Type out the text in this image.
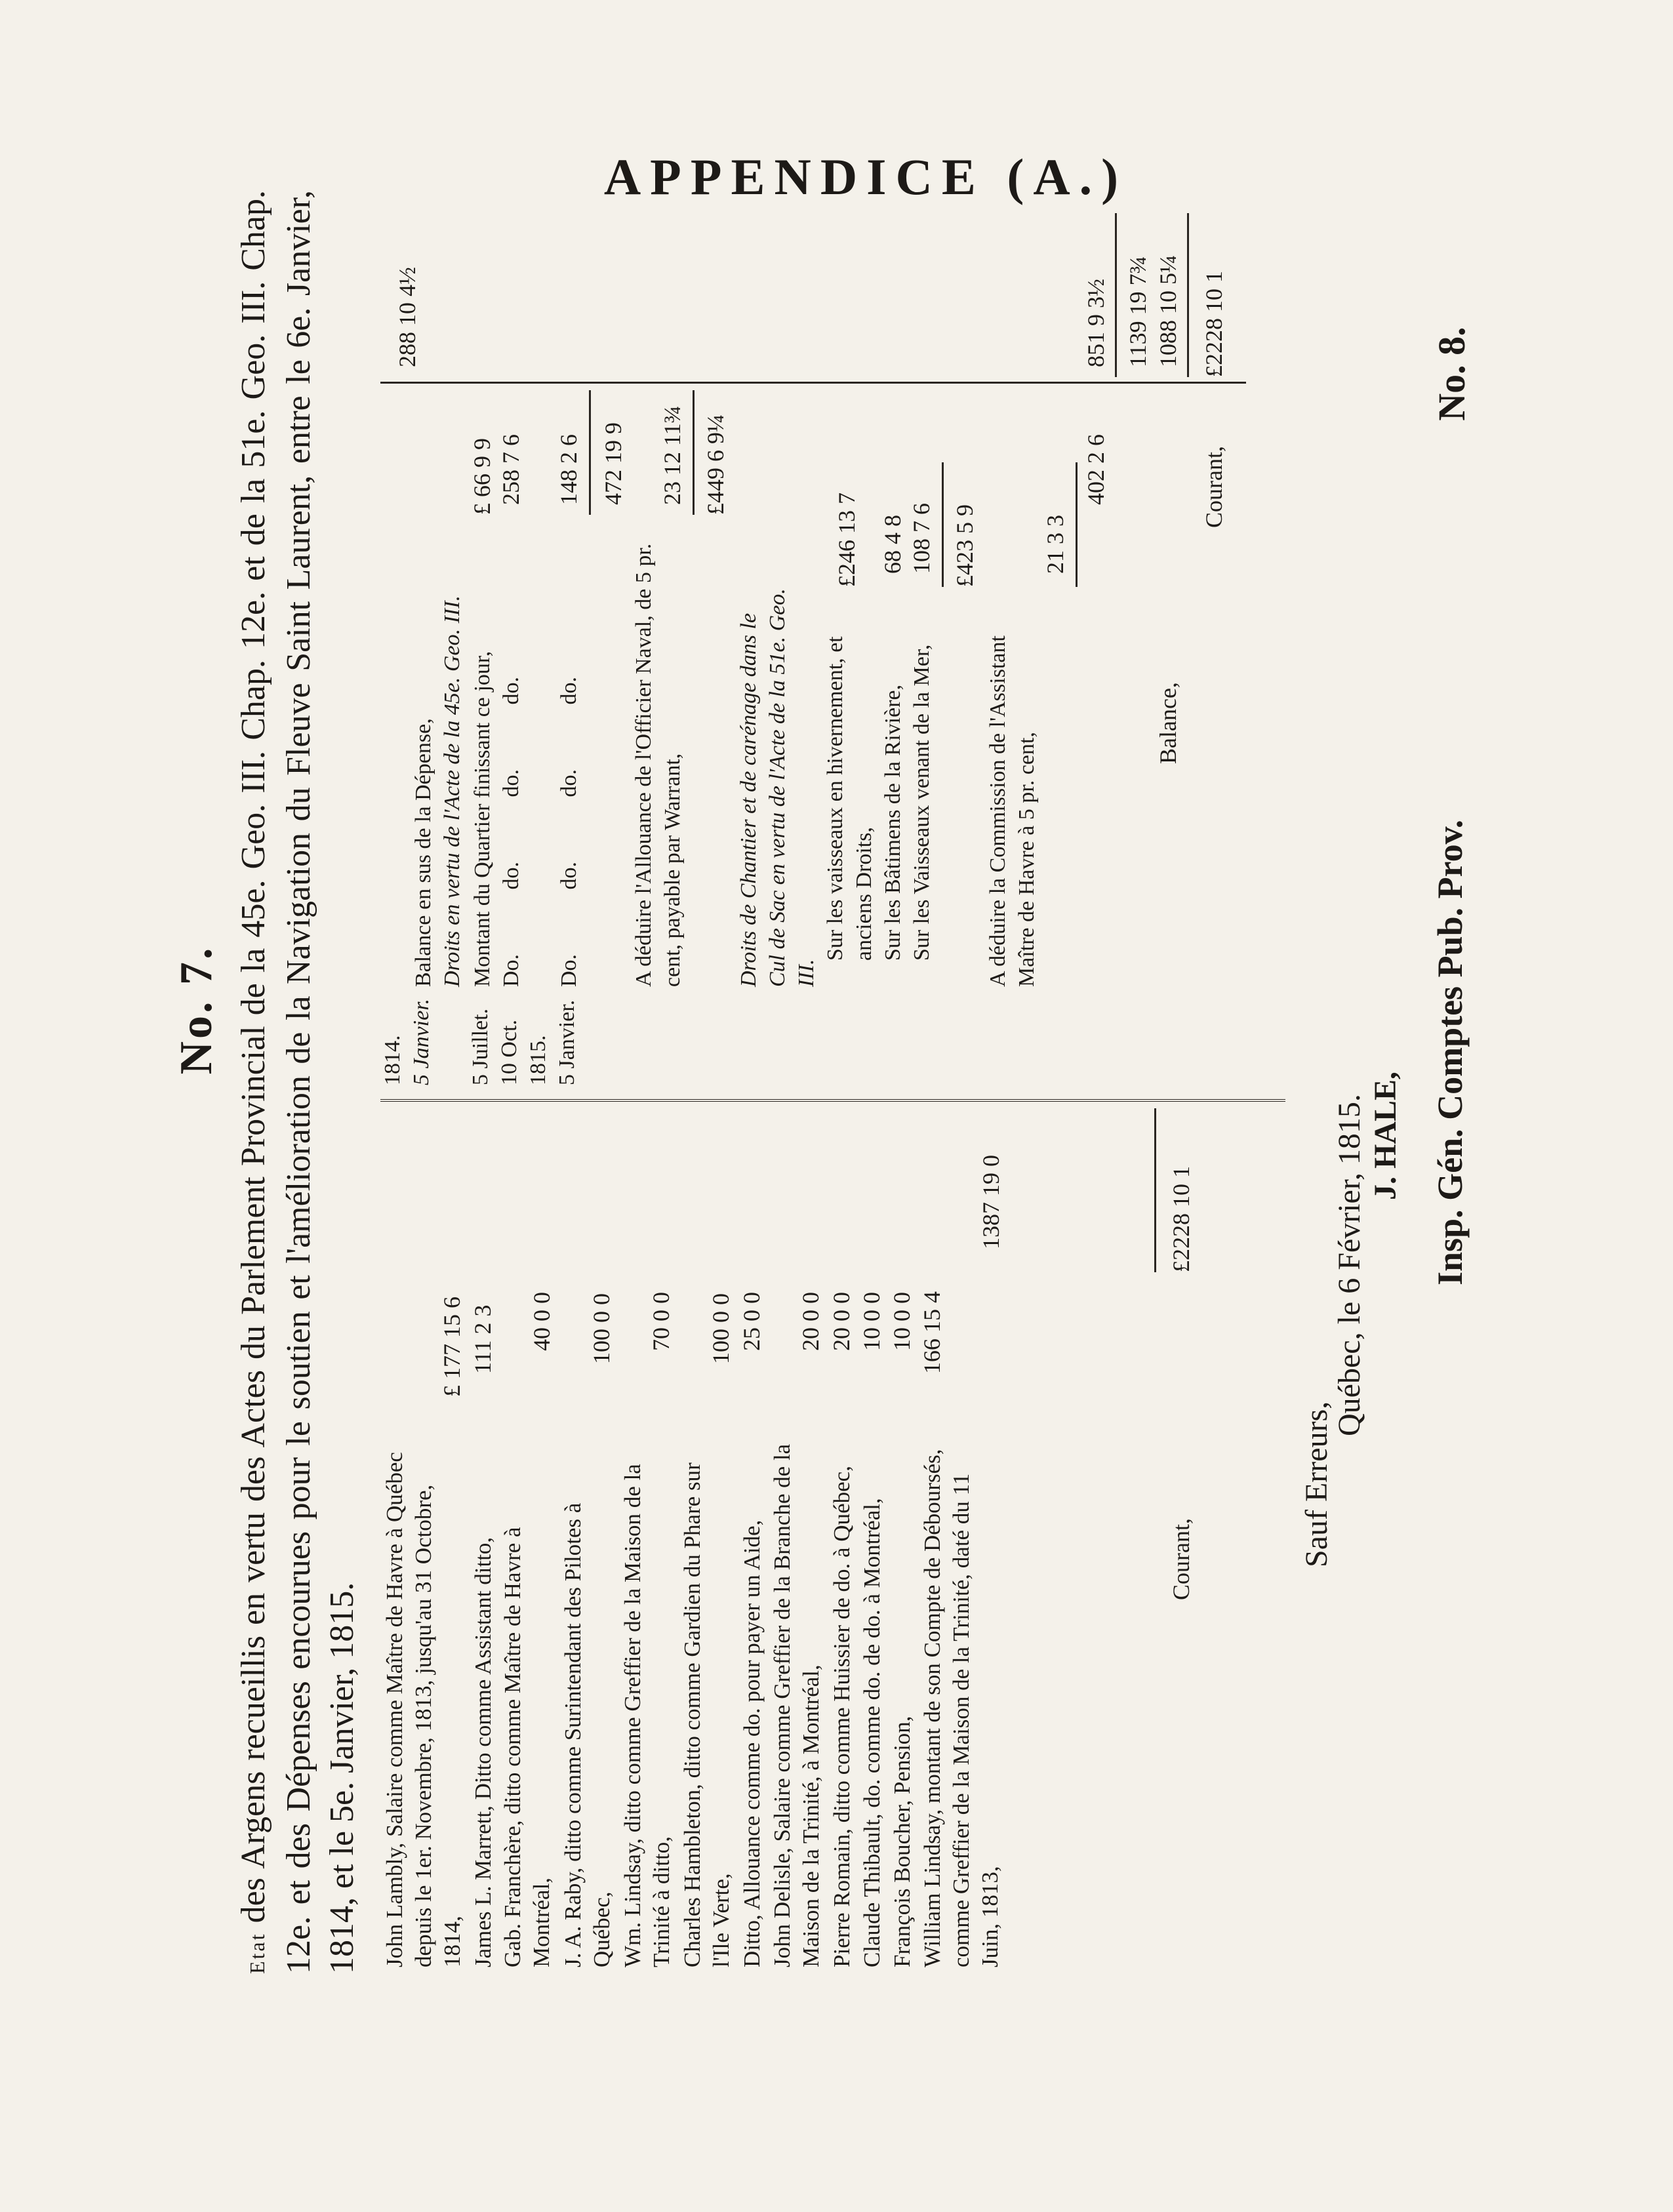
APPENDICE (A.)
No. 8.
No. 7.

Etat des Argens recueillis en vertu des Actes du Parlement Provincial de la 45e. Geo. III. Chap. 12e. et de la 51e. Geo. III. Chap. 12e. et des Dépenses encourues pour le soutien et l'amélioration de la Navigation du Fleuve Saint Laurent, entre le 6e. Janvier, 1814, et le 5e. Janvier, 1815. John Lambly, Salaire comme Maître de Havre à Québec depuis le 1er. Novembre, 1813, jusqu'au 31 Octobre, 1814,
£ 177 15 6
James L. Marrett, Ditto comme Assistant ditto,
111 2 3
Gab. Franchère, ditto comme Maître de Havre à Montréal,
40 0 0
J. A. Raby, ditto comme Surintendant des Pilotes à Québec,
100 0 0
Wm. Lindsay, ditto comme Greffier de la Maison de la Trinité à ditto,
70 0 0
Charles Hambleton, ditto comme Gardien du Phare sur l'Ile Verte,
100 0 0
Ditto, Allouance comme do. pour payer un Aide,
25 0 0
John Delisle, Salaire comme Greffier de la Branche de la Maison de la Trinité, à Montréal,
20 0 0
Pierre Romain, ditto comme Huissier de do. à Québec,
20 0 0
Claude Thibault, do. comme do. de do. à Montréal,
10 0 0
François Boucher, Pension,
10 0 0
William Lindsay, montant de son Compte de Déboursés, comme Greffier de la Maison de la Trinité, daté du 11 Juin, 1813,
166 15 4
1387 19 0
Courant,
£2228 10 1
1814. 5 Janvier.
Balance en sus de la Dépense,
288 10 4½
Droits en vertu de l'Acte de la 45e. Geo. III.
5 Juillet.
Montant du Quartier finissant ce jour,
£ 66 9 9
10 Oct.
Do. do. do. do.
258 7 6
1815. 5 Janvier.
Do. do. do. do.
148 2 6 472 19 9
A déduire l'Allouance de l'Officier Naval, de 5 pr. cent, payable par Warrant,
23 12 11¾ £449 6 9¼
Droits de Chantier et de carénage dans le Cul de Sac en vertu de l'Acte de la 51e. Geo. III.
Sur les vaisseaux en hivernement, et anciens Droits,
£246 13 7
Sur les Bâtimens de la Rivière,
68 4 8
Sur les Vaisseaux venant de la Mer,
108 7 6 £423 5 9
A déduire la Commission de l'Assistant Maître de Havre à 5 pr. cent,
21 3 3
402 2 6
851 9 3½ 1139 19 7¾
Balance,
1088 10 5¼
Courant,
£2228 10 1
Sauf Erreurs,
Québec, le 6 Février, 1815. J. HALE, Insp. Gén. Comptes Pub. Prov.
